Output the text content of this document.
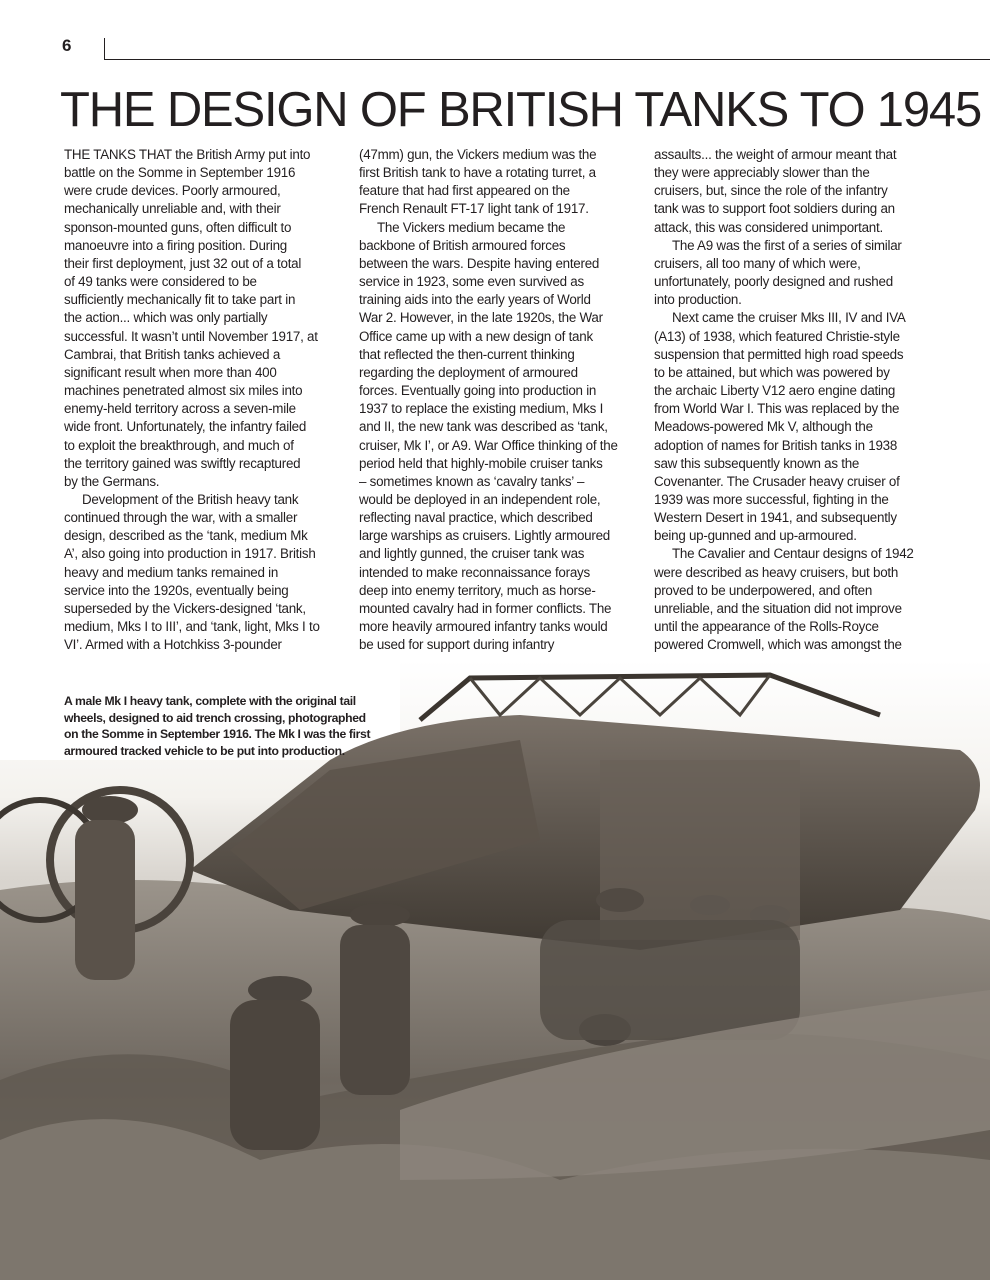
6
THE DESIGN OF BRITISH TANKS TO 1945
THE TANKS THAT the British Army put into
battle on the Somme in September 1916
were crude devices. Poorly armoured,
mechanically unreliable and, with their
sponson-mounted guns, often difficult to
manoeuvre into a firing position. During
their first deployment, just 32 out of a total
of 49 tanks were considered to be
sufficiently mechanically fit to take part in
the action... which was only partially
successful. It wasn’t until November 1917, at
Cambrai, that British tanks achieved a
significant result when more than 400
machines penetrated almost six miles into
enemy-held territory across a seven-mile
wide front. Unfortunately, the infantry failed
to exploit the breakthrough, and much of
the territory gained was swiftly recaptured
by the Germans.
Development of the British heavy tank
continued through the war, with a smaller
design, described as the ‘tank, medium Mk
A’, also going into production in 1917. British
heavy and medium tanks remained in
service into the 1920s, eventually being
superseded by the Vickers-designed ‘tank,
medium, Mks I to III’, and ‘tank, light, Mks I to
VI’. Armed with a Hotchkiss 3-pounder
(47mm) gun, the Vickers medium was the
first British tank to have a rotating turret, a
feature that had first appeared on the
French Renault FT-17 light tank of 1917.
The Vickers medium became the
backbone of British armoured forces
between the wars. Despite having entered
service in 1923, some even survived as
training aids into the early years of World
War 2. However, in the late 1920s, the War
Office came up with a new design of tank
that reflected the then-current thinking
regarding the deployment of armoured
forces. Eventually going into production in
1937 to replace the existing medium, Mks I
and II, the new tank was described as ‘tank,
cruiser, Mk I’, or A9. War Office thinking of the
period held that highly-mobile cruiser tanks
– sometimes known as ‘cavalry tanks’ –
would be deployed in an independent role,
reflecting naval practice, which described
large warships as cruisers. Lightly armoured
and lightly gunned, the cruiser tank was
intended to make reconnaissance forays
deep into enemy territory, much as horse-
mounted cavalry had in former conflicts. The
more heavily armoured infantry tanks would
be used for support during infantry
assaults... the weight of armour meant that
they were appreciably slower than the
cruisers, but, since the role of the infantry
tank was to support foot soldiers during an
attack, this was considered unimportant.
The A9 was the first of a series of similar
cruisers, all too many of which were,
unfortunately, poorly designed and rushed
into production.
Next came the cruiser Mks III, IV and IVA
(A13) of 1938, which featured Christie-style
suspension that permitted high road speeds
to be attained, but which was powered by
the archaic Liberty V12 aero engine dating
from World War I. This was replaced by the
Meadows-powered Mk V, although the
adoption of names for British tanks in 1938
saw this subsequently known as the
Covenanter. The Crusader heavy cruiser of
1939 was more successful, fighting in the
Western Desert in 1941, and subsequently
being up-gunned and up-armoured.
The Cavalier and Centaur designs of 1942
were described as heavy cruisers, but both
proved to be underpowered, and often
unreliable, and the situation did not improve
until the appearance of the Rolls-Royce
powered Cromwell, which was amongst the
A male Mk I heavy tank, complete with the original tail wheels, designed to aid trench crossing, photographed on the Somme in September 1916. The Mk I was the first armoured tracked vehicle to be put into production.
